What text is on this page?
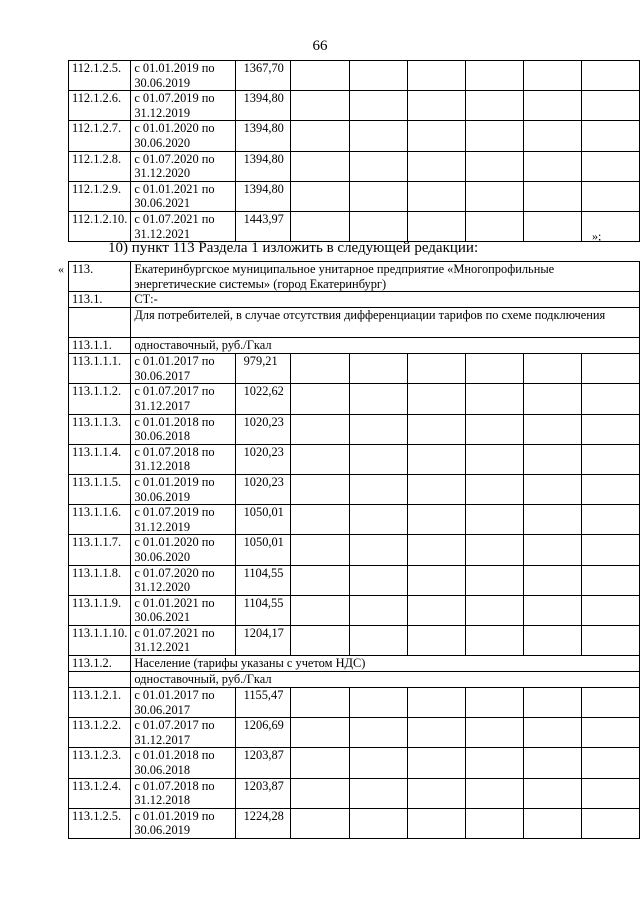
66
112.1.2.5.	с 01.01.2019 по
30.06.2019	1367,70						
112.1.2.6.	с 01.07.2019 по
31.12.2019	1394,80						
112.1.2.7.	с 01.01.2020 по
30.06.2020	1394,80						
112.1.2.8.	с 01.07.2020 по
31.12.2020	1394,80						
112.1.2.9.	с 01.01.2021 по
30.06.2021	1394,80						
112.1.2.10.	с 01.07.2021 по
31.12.2021	1443,97						
»;
10) пункт 113 Раздела 1 изложить в следующей редакции:
« 113.	Екатеринбургское муниципальное унитарное предприятие «Многопрофильные энергетические системы» (город Екатеринбург)							
113.1.	СТ:-							
	Для потребителей, в случае отсутствия дифференциации тарифов по схеме подключения							
113.1.1.	одноставочный, руб./Гкал							
113.1.1.1.	с 01.01.2017 по
30.06.2017	979,21						
113.1.1.2.	с 01.07.2017 по
31.12.2017	1022,62						
113.1.1.3.	с 01.01.2018 по
30.06.2018	1020,23						
113.1.1.4.	с 01.07.2018 по
31.12.2018	1020,23						
113.1.1.5.	с 01.01.2019 по
30.06.2019	1020,23						
113.1.1.6.	с 01.07.2019 по
31.12.2019	1050,01						
113.1.1.7.	с 01.01.2020 по
30.06.2020	1050,01						
113.1.1.8.	с 01.07.2020 по
31.12.2020	1104,55						
113.1.1.9.	с 01.01.2021 по
30.06.2021	1104,55						
113.1.1.10.	с 01.07.2021 по
31.12.2021	1204,17						
113.1.2.	Население (тарифы указаны с учетом НДС)							
	одноставочный, руб./Гкал							
113.1.2.1.	с 01.01.2017 по
30.06.2017	1155,47						
113.1.2.2.	с 01.07.2017 по
31.12.2017	1206,69						
113.1.2.3.	с 01.01.2018 по
30.06.2018	1203,87						
113.1.2.4.	с 01.07.2018 по
31.12.2018	1203,87						
113.1.2.5.	с 01.01.2019 по
30.06.2019	1224,28						
